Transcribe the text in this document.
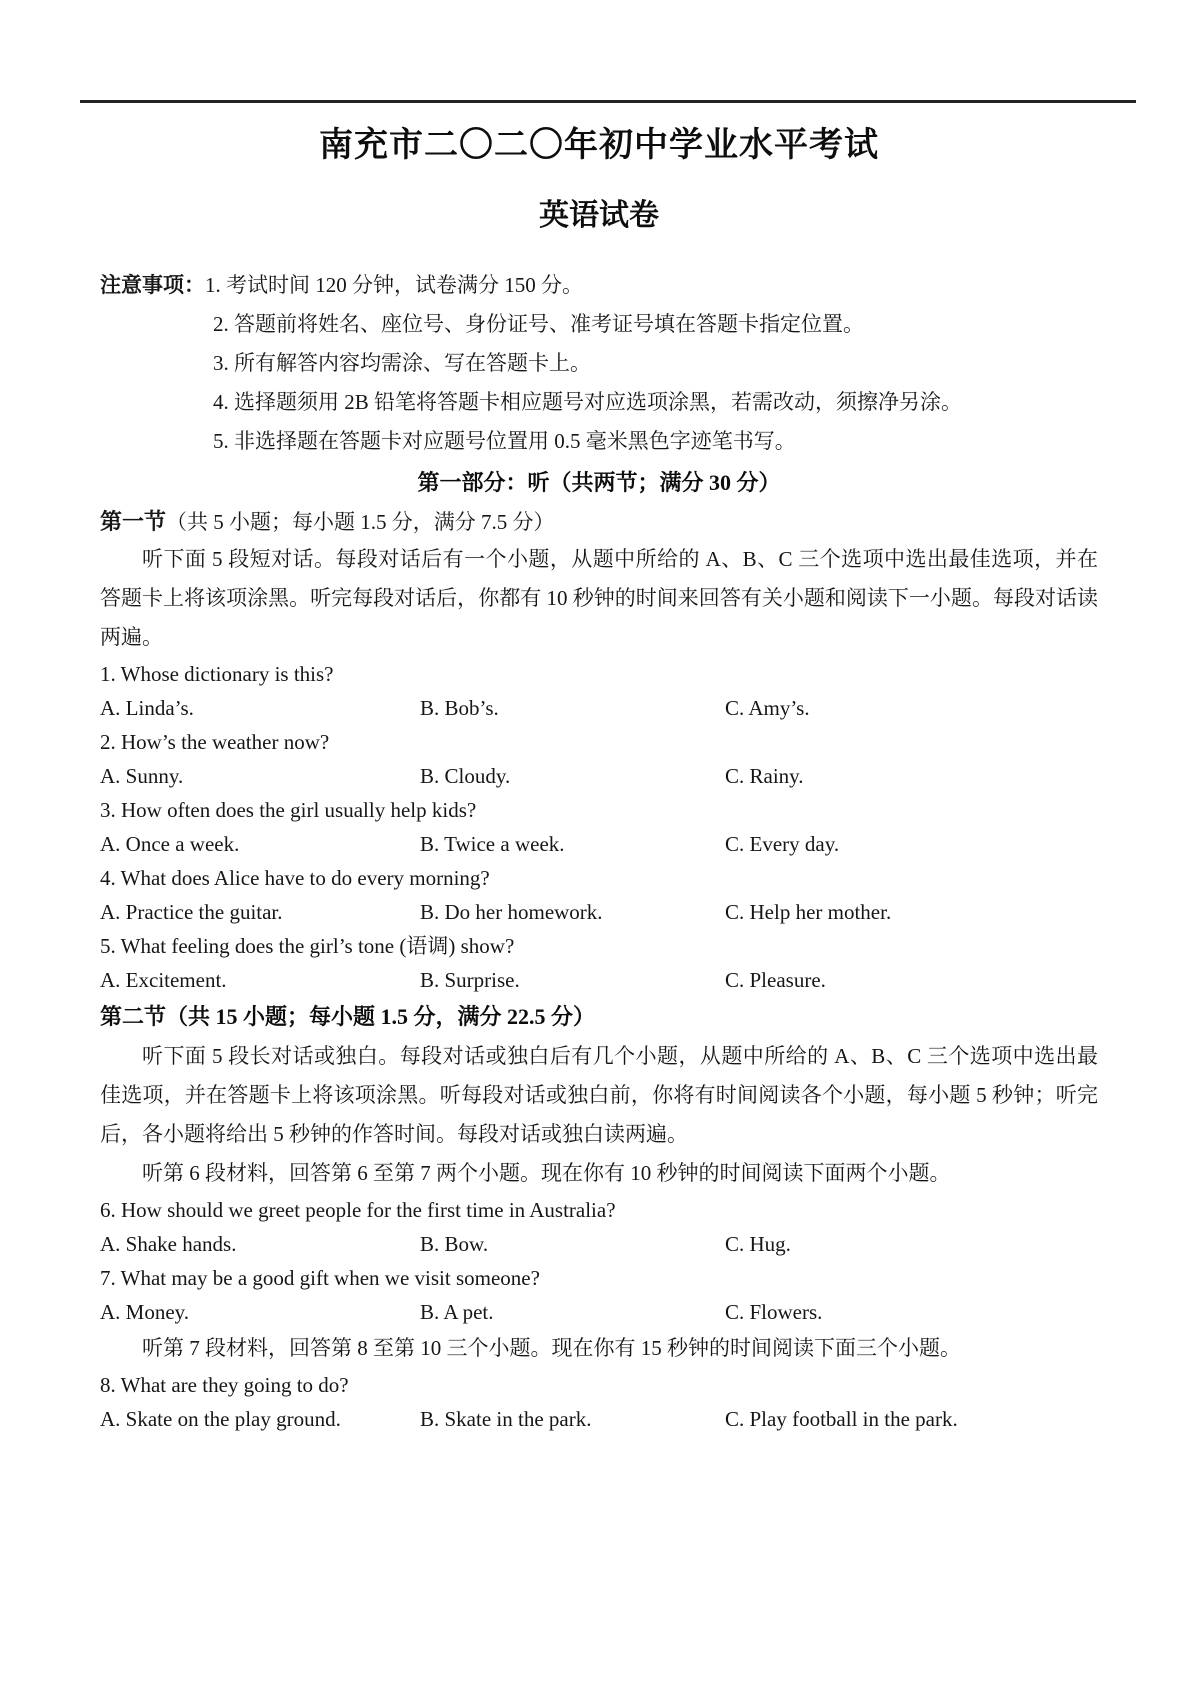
南充市二〇二〇年初中学业水平考试
英语试卷
注意事项：1. 考试时间 120 分钟，试卷满分 150 分。
2. 答题前将姓名、座位号、身份证号、准考证号填在答题卡指定位置。
3. 所有解答内容均需涂、写在答题卡上。
4. 选择题须用 2B 铅笔将答题卡相应题号对应选项涂黑，若需改动，须擦净另涂。
5. 非选择题在答题卡对应题号位置用 0.5 毫米黑色字迹笔书写。
第一部分：听（共两节；满分 30 分）
第一节（共 5 小题；每小题 1.5 分，满分 7.5 分）
听下面 5 段短对话。每段对话后有一个小题，从题中所给的 A、B、C 三个选项中选出最佳选项，并在答题卡上将该项涂黑。听完每段对话后，你都有 10 秒钟的时间来回答有关小题和阅读下一小题。每段对话读两遍。
1. Whose dictionary is this?
A. Linda’s.	B. Bob’s.	C. Amy’s.
2. How’s the weather now?
A. Sunny.	B. Cloudy.	C. Rainy.
3. How often does the girl usually help kids?
A. Once a week.	B. Twice a week.	C. Every day.
4. What does Alice have to do every morning?
A. Practice the guitar.	B. Do her homework.	C. Help her mother.
5. What feeling does the girl’s tone (语调) show?
A. Excitement.	B. Surprise.	C. Pleasure.
第二节（共 15 小题；每小题 1.5 分，满分 22.5 分）
听下面 5 段长对话或独白。每段对话或独白后有几个小题，从题中所给的 A、B、C 三个选项中选出最佳选项，并在答题卡上将该项涂黑。听每段对话或独白前，你将有时间阅读各个小题，每小题 5 秒钟；听完后，各小题将给出 5 秒钟的作答时间。每段对话或独白读两遍。
听第 6 段材料，回答第 6 至第 7 两个小题。现在你有 10 秒钟的时间阅读下面两个小题。
6. How should we greet people for the first time in Australia?
A. Shake hands.	B. Bow.	C. Hug.
7. What may be a good gift when we visit someone?
A. Money.	B. A pet.	C. Flowers.
听第 7 段材料，回答第 8 至第 10 三个小题。现在你有 15 秒钟的时间阅读下面三个小题。
8. What are they going to do?
A. Skate on the play ground.	B. Skate in the park.	C. Play football in the park.
